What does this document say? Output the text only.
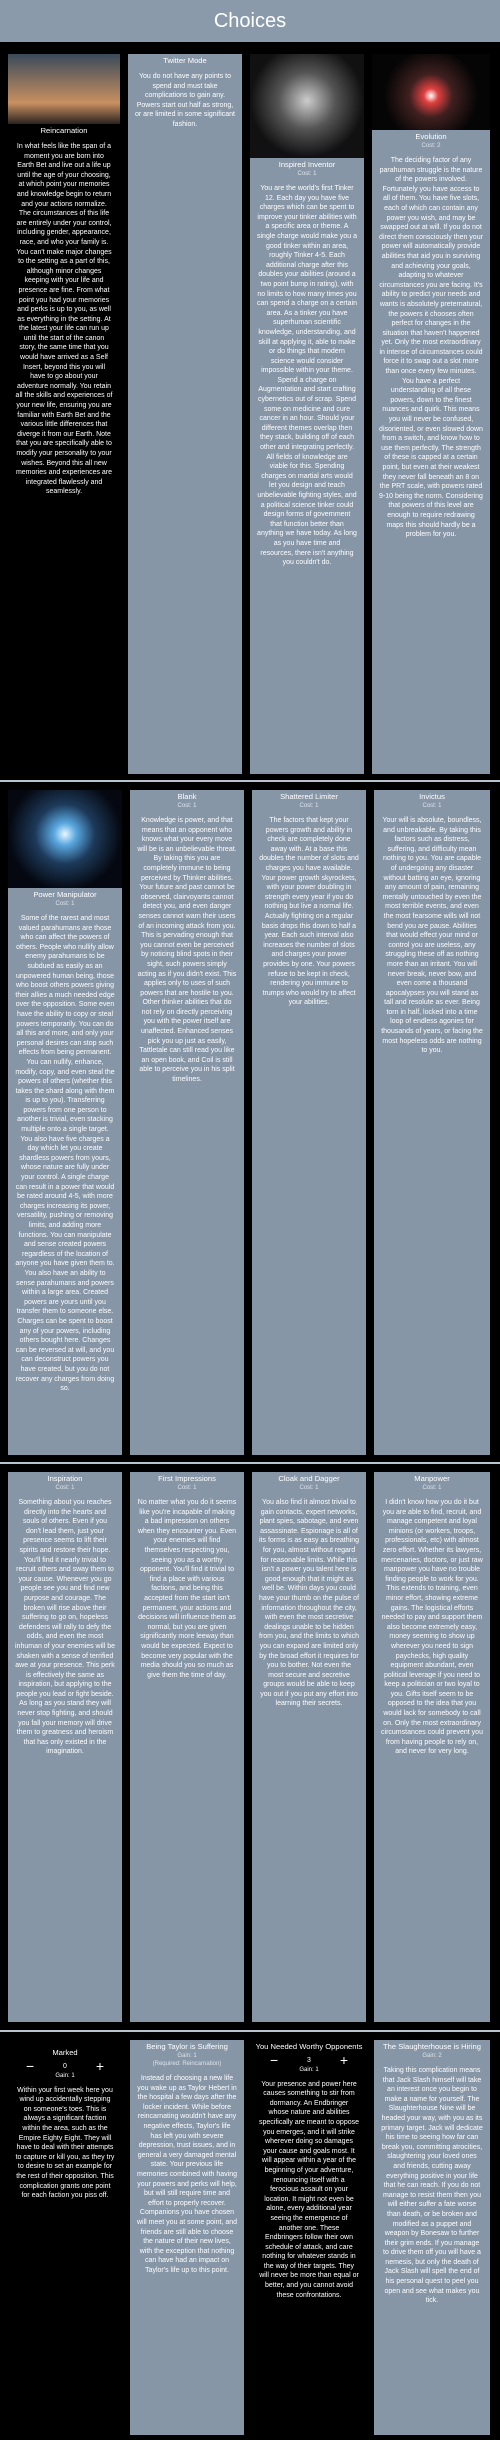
Choices
Reincarnation
In what feels like the span of a moment you are born into Earth Bet and live out a life up until the age of your choosing, at which point your memories and knowledge begin to return and your actions normalize. The circumstances of this life are entirely under your control, including gender, appearance, race, and who your family is. You can't make major changes to the setting as a part of this, although minor changes keeping with your life and presence are fine. From what point you had your memories and perks is up to you, as well as everything in the setting. At the latest your life can run up until the start of the canon story, the same time that you would have arrived as a Self Insert, beyond this you will have to go about your adventure normally. You retain all the skills and experiences of your new life, ensuring you are familiar with Earth Bet and the various little differences that diverge it from our Earth. Note that you are specifically able to modify your personality to your wishes. Beyond this all new memories and experiences are integrated flawlessly and seamlessly.
Twitter Mode
You do not have any points to spend and must take complications to gain any. Powers start out half as strong, or are limited in some significant fashion.
Inspired Inventor
Cost: 1
You are the world's first Tinker 12. Each day you have five charges which can be spent to improve your tinker abilities with a specific area or theme. A single charge would make you a good tinker within an area, roughly Tinker 4-5. Each additional charge after this doubles your abilities (around a two point bump in rating), with no limits to how many times you can spend a charge on a certain area. As a tinker you have superhuman scientific knowledge, understanding, and skill at applying it, able to make or do things that modern science would consider impossible within your theme. Spend a charge on Augmentation and start crafting cybernetics out of scrap. Spend some on medicine and cure cancer in an hour. Should your different themes overlap then they stack, building off of each other and integrating perfectly. All fields of knowledge are viable for this. Spending charges on martial arts would let you design and teach unbelievable fighting styles, and a political science tinker could design forms of government that function better than anything we have today. As long as you have time and resources, there isn't anything you couldn't do.
Evolution
Cost: 2
The deciding factor of any parahuman struggle is the nature of the powers involved. Fortunately you have access to all of them. You have five slots, each of which can contain any power you wish, and may be swapped out at will. If you do not direct them consciously then your power will automatically provide abilities that aid you in surviving and achieving your goals, adapting to whatever circumstances you are facing. It's ability to predict your needs and wants is absolutely preternatural, the powers it chooses often perfect for changes in the situation that haven't happened yet. Only the most extraordinary in intense of circumstances could force it to swap out a slot more than once every few minutes. You have a perfect understanding of all these powers, down to the finest nuances and quirk. This means you will never be confused, disoriented, or even slowed down from a switch, and know how to use them perfectly. The strength of these is capped at a certain point, but even at their weakest they never fall beneath an 8 on the PRT scale, with powers rated 9-10 being the norm. Considering that powers of this level are enough to require redrawing maps this should hardly be a problem for you.
Power Manipulator
Cost: 1
Some of the rarest and most valued parahumans are those who can affect the powers of others. People who nullify allow enemy parahumans to be subdued as easily as an unpowered human being, those who boost others powers giving their allies a much needed edge over the opposition. Some even have the ability to copy or steal powers temporarily. You can do all this and more, and only your personal desires can stop such effects from being permanent. You can nullify, enhance, modify, copy, and even steal the powers of others (whether this takes the shard along with them is up to you). Transferring powers from one person to another is trivial, even stacking multiple onto a single target. You also have five charges a day which let you create shardless powers from yours, whose nature are fully under your control. A single charge can result in a power that would be rated around 4-5, with more charges increasing its power, versatility, pushing or removing limits, and adding more functions. You can manipulate and sense created powers regardless of the location of anyone you have given them to. You also have an ability to sense parahumans and powers within a large area. Created powers are yours until you transfer them to someone else. Charges can be spent to boost any of your powers, including others bought here. Changes can be reversed at will, and you can deconstruct powers you have created, but you do not recover any charges from doing so.
Blank
Cost: 1
Knowledge is power, and that means that an opponent who knows what your every move will be is an unbelievable threat. By taking this you are completely immune to being perceived by Thinker abilities. Your future and past cannot be observed, clairvoyants cannot detect you, and even danger senses cannot warn their users of an incoming attack from you. This is pervading enough that you cannot even be perceived by noticing blind spots in their sight, such powers simply acting as if you didn't exist. This applies only to uses of such powers that are hostile to you. Other thinker abilities that do not rely on directly perceiving you with the power itself are unaffected. Enhanced senses pick you up just as easily, Tattletale can still read you like an open book, and Coil is still able to perceive you in his split timelines.
Shattered Limiter
Cost: 1
The factors that kept your powers growth and ability in check are completely done away with. At a base this doubles the number of slots and charges you have available. Your power growth skyrockets, with your power doubling in strength every year if you do nothing but live a normal life. Actually fighting on a regular basis drops this down to half a year. Each such interval also increases the number of slots and charges your power provides by one. Your powers refuse to be kept in check, rendering you immune to trumps who would try to affect your abilities.
Invictus
Cost: 1
Your will is absolute, boundless, and unbreakable. By taking this factors such as distress, suffering, and difficulty mean nothing to you. You are capable of undergoing any disaster without batting an eye, ignoring any amount of pain, remaining mentally untouched by even the most terrible events, and even the most fearsome wills will not bend you are pause. Abilities that would effect your mind or control you are useless, any struggling these off as nothing more than an irritant. You will never break, never bow, and even come a thousand apocalypses you will stand as tall and resolute as ever. Being torn in half, locked into a time loop of endless agonies for thousands of years, or facing the most hopeless odds are nothing to you.
Inspiration
Cost: 1
Something about you reaches directly into the hearts and souls of others. Even if you don't lead them, just your presence seems to lift their spirits and restore their hope. You'll find it nearly trivial to recruit others and sway them to your cause. Whenever you go people see you and find new purpose and courage. The broken will rise above their suffering to go on, hopeless defenders will rally to defy the odds, and even the most inhuman of your enemies will be shaken with a sense of terrified awe at your presence. This perk is effectively the same as inspiration, but applying to the people you lead or fight beside. As long as you stand they will never stop fighting, and should you fall your memory will drive them to greatness and heroism that has only existed in the imagination.
First Impressions
Cost: 1
No matter what you do it seems like you're incapable of making a bad impression on others when they encounter you. Even your enemies will find themselves respecting you, seeing you as a worthy opponent. You'll find it trivial to find a place with various factions, and being this accepted from the start isn't permanent, your actions and decisions will influence them as normal, but you are given significantly more leeway than would be expected. Expect to become very popular with the media should you so much as give them the time of day.
Cloak and Dagger
Cost: 1
You also find it almost trivial to gain contacts, expert networks, plant spies, sabotage, and even assassinate. Espionage is all of its forms is as easy as breathing for you, almost without regard for reasonable limits. While this isn't a power you talent here is good enough that it might as well be. Within days you could have your thumb on the pulse of information throughout the city, with even the most secretive dealings unable to be hidden from you, and the limits to which you can expand are limited only by the broad effort it requires for you to bother. Not even the most secure and secretive groups would be able to keep you out if you put any effort into learning their secrets.
Manpower
Cost: 1
I didn't know how you do it but you are able to find, recruit, and manage competent and loyal minions (or workers, troops, professionals, etc) with almost zero effort. Whether its lawyers, mercenaries, doctors, or just raw manpower you have no trouble finding people to work for you. This extends to training, even minor effort, showing extreme gains. The logistical efforts needed to pay and support them also become extremely easy, money seeming to show up wherever you need to sign paychecks, high quality equipment abundant, even political leverage if you need to keep a politician or two loyal to you. Gifts itself seem to be opposed to the idea that you would lack for somebody to call on. Only the most extraordinary circumstances could prevent you from having people to rely on, and never for very long.
Marked
−	0 +
Gain: 1
Within your first week here you wind up accidentally stepping on someone's toes. This is always a significant faction within the area, such as the Empire Eighty Eight. They will have to deal with their attempts to capture or kill you, as they try to desire to set an example for the rest of their opposition. This complication grants one point for each faction you piss off.
Being Taylor is Suffering
Gain: 1
(Required: Reincarnation)
Instead of choosing a new life you wake up as Taylor Hebert in the hospital a few days after the locker incident. While before reincarnating wouldn't have any negative effects, Taylor's life has left you with severe depression, trust issues, and in general a very damaged mental state. Your previous life memories combined with having your powers and perks will help, but will still require time and effort to properly recover. Companions you have chosen will meet you at some point, and friends are still able to choose the nature of their new lives, with the exception that nothing can have had an impact on Taylor's life up to this point.
You Needed Worthy Opponents
−	3 +
Gain: 1
Your presence and power here causes something to stir from dormancy. An Endbringer whose nature and abilities specifically are meant to oppose you emerges, and it will strike wherever doing so damages your cause and goals most. It will appear within a year of the beginning of your adventure, renouncing itself with a ferocious assault on your location. It might not even be alone, every additional year seeing the emergence of another one. These Endbringers follow their own schedule of attack, and care nothing for whatever stands in the way of their targets. They will never be more than equal or better, and you cannot avoid these confrontations.
The Slaughterhouse is Hiring
Gain: 2
Taking this complication means that Jack Slash himself will take an interest once you begin to make a name for yourself. The Slaughterhouse Nine will be headed your way, with you as its primary target. Jack will dedicate his time to seeing how far can break you, committing atrocities, slaughtering your loved ones and friends, cutting away everything positive in your life that he can reach. If you do not manage to resist them then you will either suffer a fate worse than death, or be broken and modified as a puppet and weapon by Bonesaw to further their grim ends. If you manage to drive them off you will have a nemesis, but only the death of Jack Slash will spell the end of his personal quest to peel you open and see what makes you tick.
